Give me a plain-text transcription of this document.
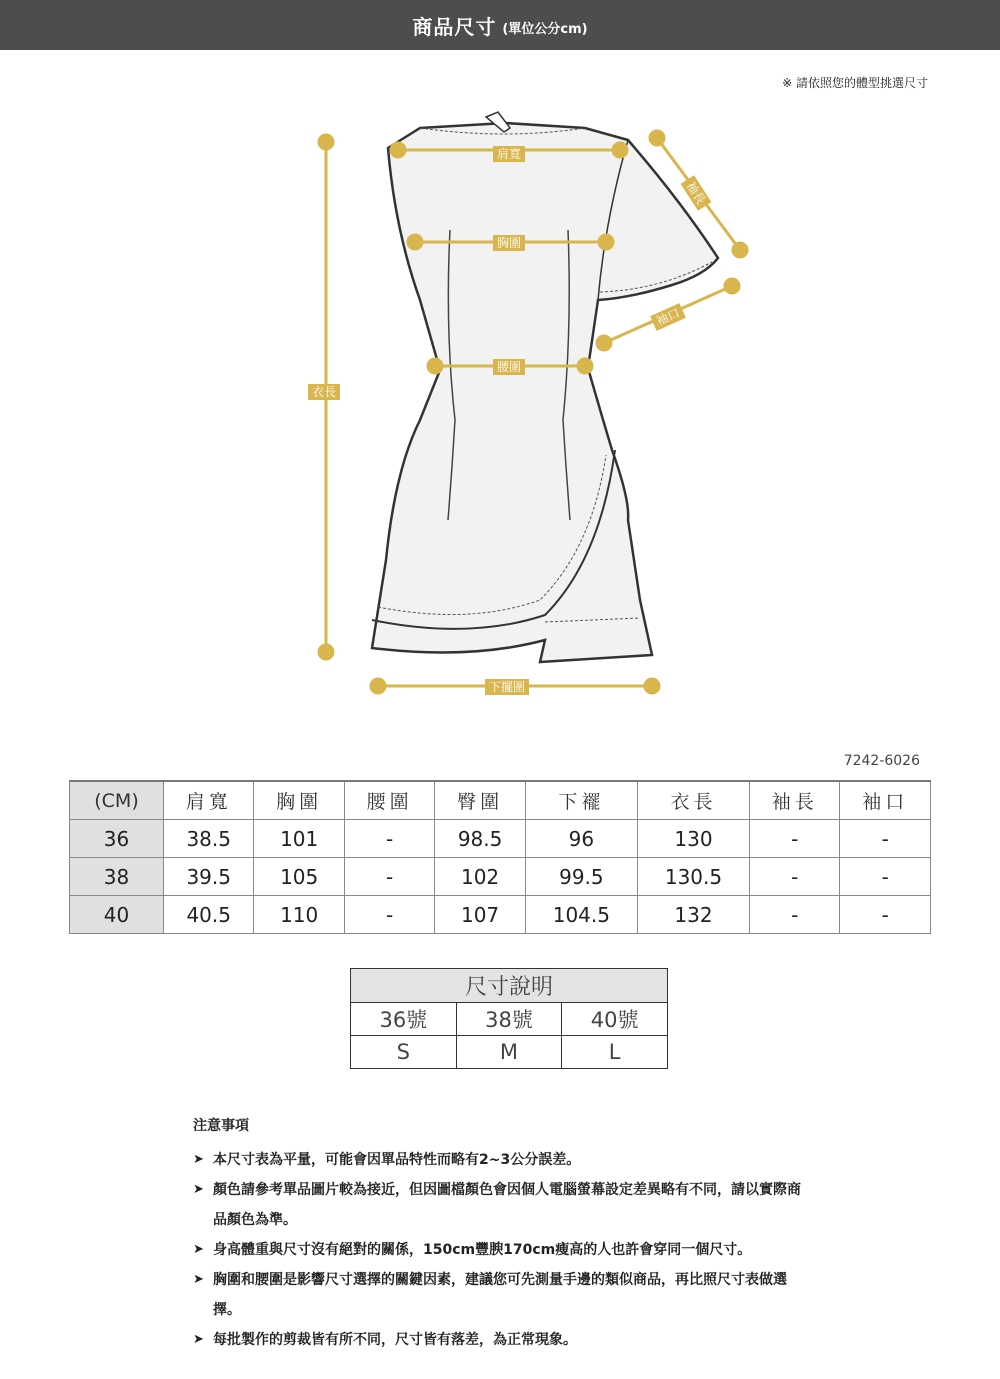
商品尺寸 (單位公分cm)
※ 請依照您的體型挑選尺寸
肩寬
胸圍
腰圍
衣長
袖長
袖口
下擺圍
7242-6026
(CM)	肩寬	胸圍	腰圍	臀圍	下襬	衣長	袖長	袖口
36	38.5	101	-	98.5	96	130	-	-
38	39.5	105	-	102	99.5	130.5	-	-
40	40.5	110	-	107	104.5	132	-	-
尺寸說明		
36號	38號	40號
S	M	L
注意事項
➤ 本尺寸表為平量，可能會因單品特性而略有2~3公分誤差。
➤ 顏色請參考單品圖片較為接近，但因圖檔顏色會因個人電腦螢幕設定差異略有不同，請以實際商品顏色為準。
➤ 身高體重與尺寸沒有絕對的關係，150cm豐腴170cm瘦高的人也許會穿同一個尺寸。
➤ 胸圍和腰圍是影響尺寸選擇的關鍵因素，建議您可先測量手邊的類似商品，再比照尺寸表做選擇。
➤ 每批製作的剪裁皆有所不同，尺寸皆有落差，為正常現象。
